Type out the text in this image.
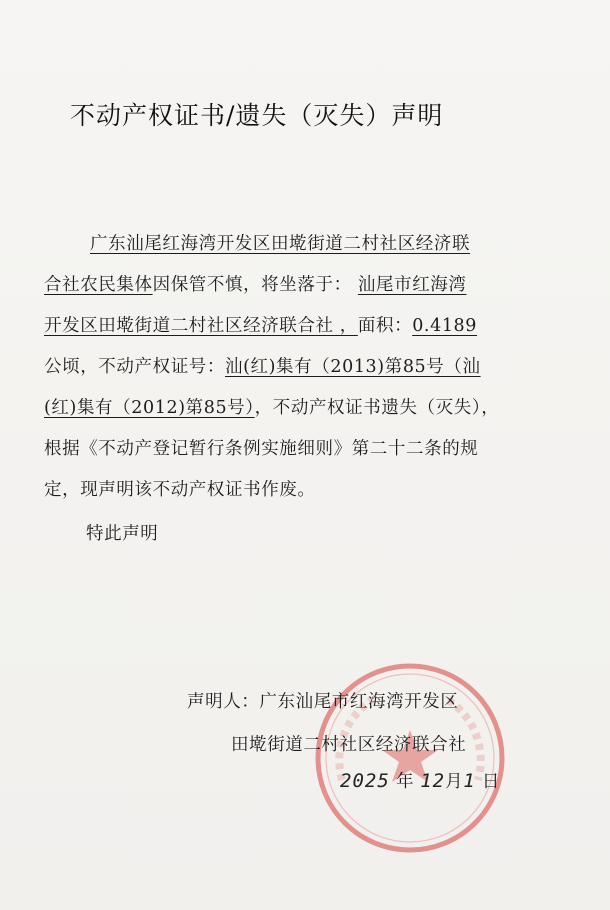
不动产权证书/遗失（灭失）声明
广东汕尾红海湾开发区田墘街道二村社区经济联
合社农民集体因保管不慎，将坐落于： 汕尾市红海湾
开发区田墘街道二村社区经济联合社 ，面积：0.4189
公顷，不动产权证号：汕(红)集有（2013)第85号（汕
(红)集有（2012)第85号），不动产权证书遗失（灭失），
根据《不动产登记暂行条例实施细则》第二十二条的规
定，现声明该不动产权证书作废。
特此声明
声明人：广东汕尾市红海湾开发区
田墘街道二村社区经济联合社
2025 年 12月1 日
